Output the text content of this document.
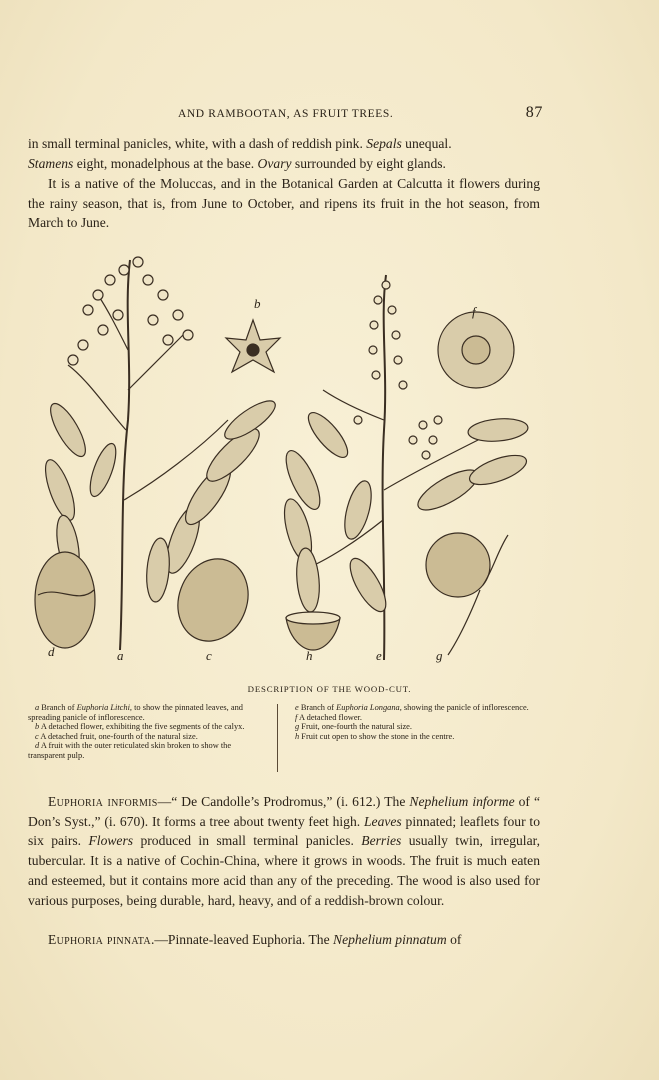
AND RAMBOOTAN, AS FRUIT TREES.	87
in small terminal panicles, white, with a dash of reddish pink. Sepals unequal.
Stamens eight, monadelphous at the base. Ovary surrounded by eight glands.
It is a native of the Moluccas, and in the Botanical Garden at Calcutta it flowers during the rainy season, that is, from June to October, and ripens its fruit in the hot season, from March to June.
b
f
d	a	c	h	e	g
DESCRIPTION OF THE WOOD-CUT.

a Branch of Euphoria Litchi, to show the pinnated leaves, and spreading panicle of inflorescence.

b A detached flower, exhibiting the five segments of the calyx.

c A detached fruit, one-fourth of the natural size.

d A fruit with the outer reticulated skin broken to show the transparent pulp.

e Branch of Euphoria Longana, showing the panicle of inflorescence.

f A detached flower.

g Fruit, one-fourth the natural size.

h Fruit cut open to show the stone in the centre.

Euphoria informis—“ De Candolle’s Prodromus,” (i. 612.) The Nephelium informe of “ Don’s Syst.,” (i. 670). It forms a tree about twenty feet high. Leaves pinnated; leaflets four to six pairs. Flowers produced in small terminal panicles. Berries usually twin, irregular, tubercular. It is a native of Cochin-China, where it grows in woods. The fruit is much eaten and esteemed, but it contains more acid than any of the preceding. The wood is also used for various purposes, being durable, hard, heavy, and of a reddish-brown colour.
Euphoria pinnata.—Pinnate-leaved Euphoria. The Nephelium pinnatum of
